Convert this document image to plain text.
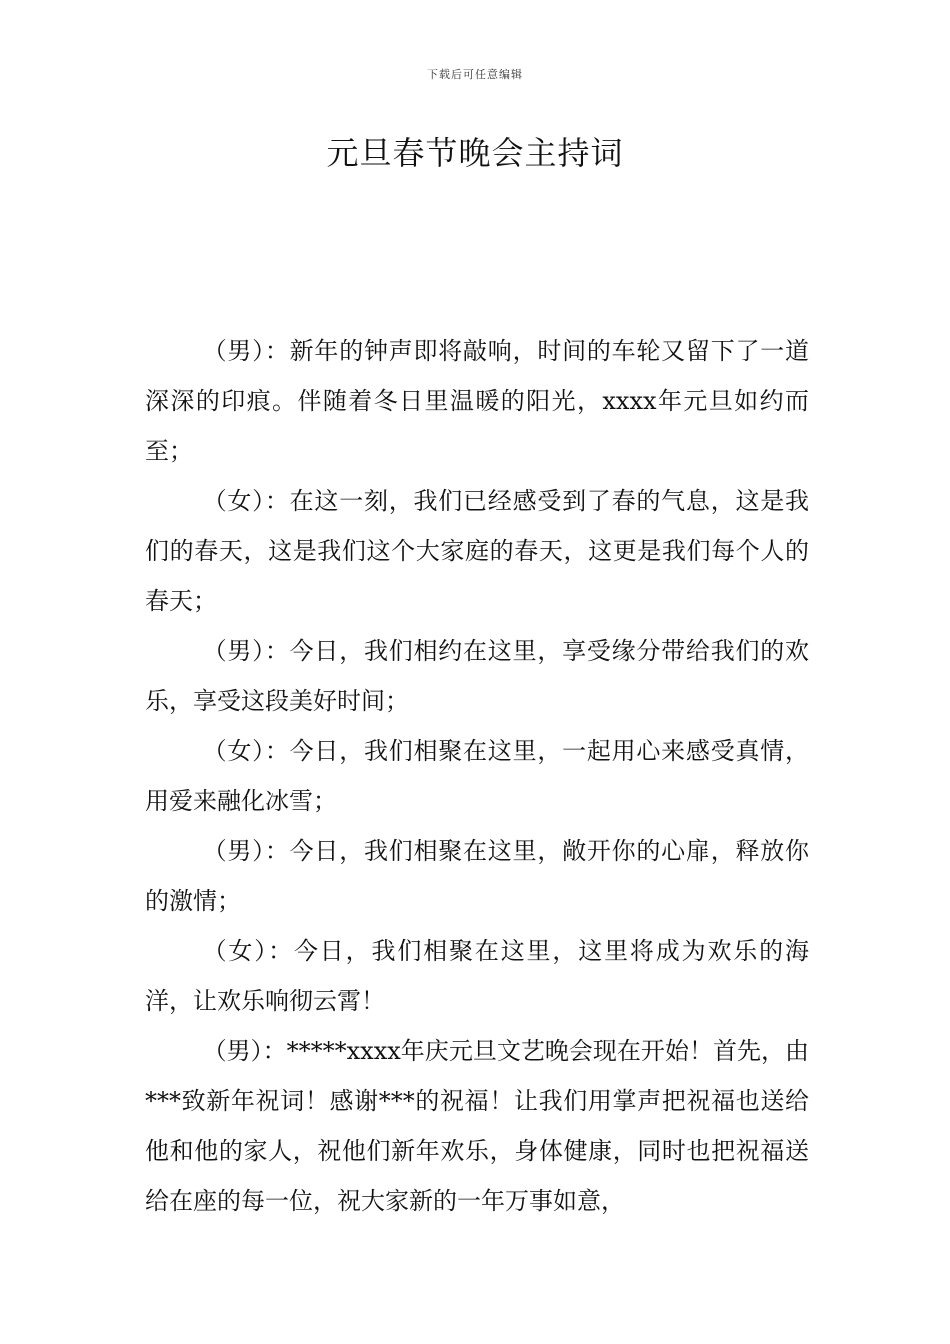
下载后可任意编辑
元旦春节晚会主持词

（男）：新年的钟声即将敲响，时间的车轮又留下了一道深深的印痕。伴随着冬日里温暖的阳光，xxxx年元旦如约而至；

（女）：在这一刻，我们已经感受到了春的气息，这是我们的春天，这是我们这个大家庭的春天，这更是我们每个人的春天；

（男）：今日，我们相约在这里，享受缘分带给我们的欢乐，享受这段美好时间；

（女）：今日，我们相聚在这里，一起用心来感受真情，用爱来融化冰雪；

（男）：今日，我们相聚在这里，敞开你的心扉，释放你的激情；

（女）：今日，我们相聚在这里，这里将成为欢乐的海洋，让欢乐响彻云霄！

（男）：*****xxxx年庆元旦文艺晚会现在开始！首先，由***致新年祝词！感谢***的祝福！让我们用掌声把祝福也送给他和他的家人，祝他们新年欢乐，身体健康，同时也把祝福送给在座的每一位，祝大家新的一年万事如意，
